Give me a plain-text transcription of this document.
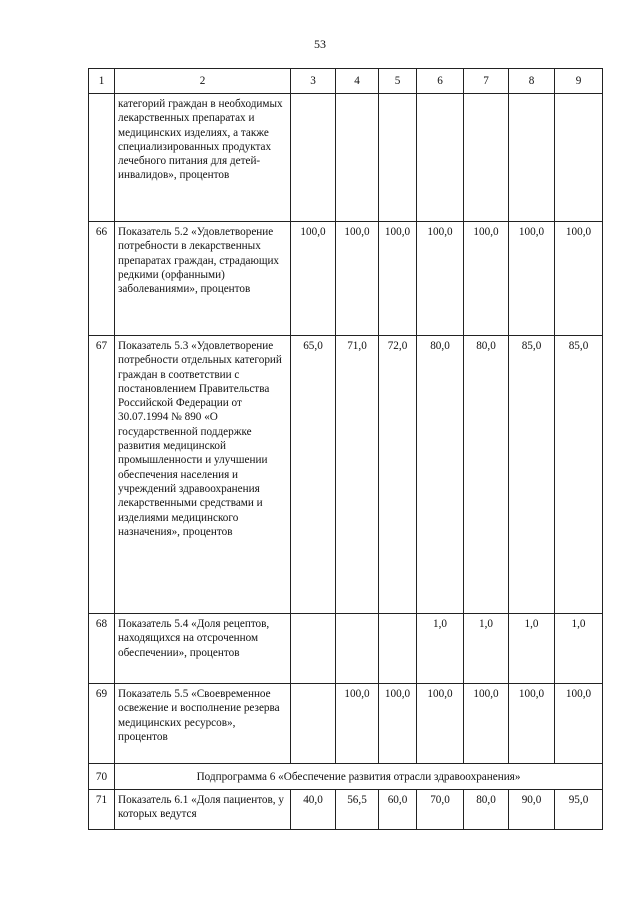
53
1	2	3	4	5	6	7	8	9
	категорий граждан в необходимых лекарственных препаратах и медицинских изделиях, а также специализированных продуктах лечебного питания для детей-инвалидов», процентов							
66	Показатель 5.2 «Удовлетворение потребности в лекарственных препаратах граждан, страдающих редкими (орфанными) заболеваниями», процентов	100,0	100,0	100,0	100,0	100,0	100,0	100,0
67	Показатель 5.3 «Удовлетворение потребности отдельных категорий граждан в соответствии с постановлением Правительства Российской Федерации от 30.07.1994 № 890 «О государственной поддержке развития медицинской промышленности и улучшении обеспечения населения и учреждений здравоохранения лекарственными средствами и изделиями медицинского назначения», процентов	65,0	71,0	72,0	80,0	80,0	85,0	85,0
68	Показатель 5.4 «Доля рецептов, находящихся на отсроченном обеспечении», процентов				1,0	1,0	1,0	1,0
69	Показатель 5.5 «Своевременное освежение и восполнение резерва медицинских ресурсов», процентов		100,0	100,0	100,0	100,0	100,0	100,0
70	Подпрограмма 6 «Обеспечение развития отрасли здравоохранения»							
71	Показатель 6.1 «Доля пациентов, у которых ведутся	40,0	56,5	60,0	70,0	80,0	90,0	95,0
